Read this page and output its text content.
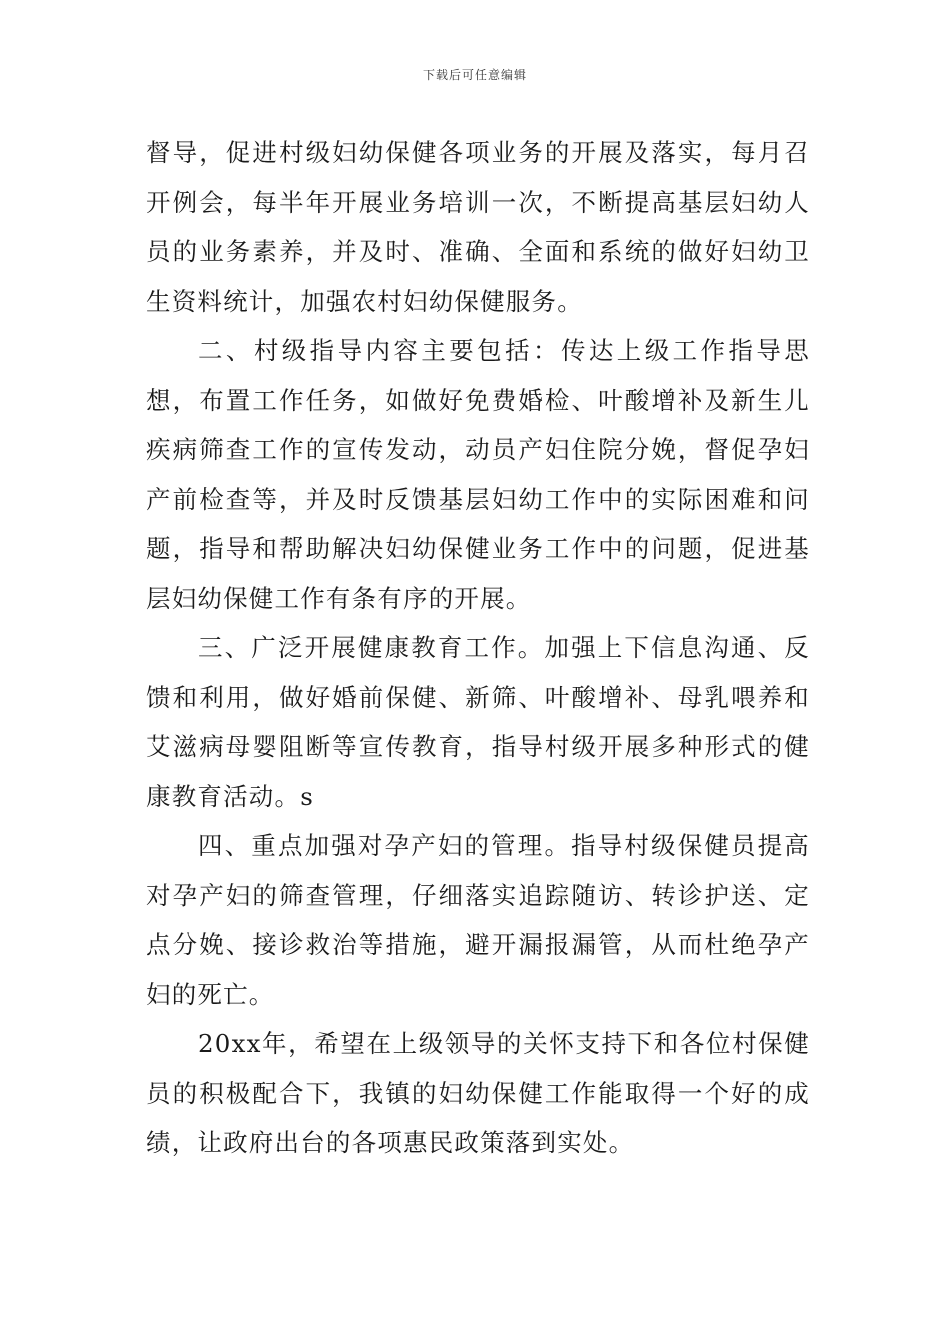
下载后可任意编辑

督导，促进村级妇幼保健各项业务的开展及落实，每月召开例会，每半年开展业务培训一次，不断提高基层妇幼人员的业务素养，并及时、准确、全面和系统的做好妇幼卫生资料统计，加强农村妇幼保健服务。

二、村级指导内容主要包括：传达上级工作指导思想，布置工作任务，如做好免费婚检、叶酸增补及新生儿疾病筛查工作的宣传发动，动员产妇住院分娩，督促孕妇产前检查等，并及时反馈基层妇幼工作中的实际困难和问题，指导和帮助解决妇幼保健业务工作中的问题，促进基层妇幼保健工作有条有序的开展。

三、广泛开展健康教育工作。加强上下信息沟通、反馈和利用，做好婚前保健、新筛、叶酸增补、母乳喂养和艾滋病母婴阻断等宣传教育，指导村级开展多种形式的健康教育活动。s

四、重点加强对孕产妇的管理。指导村级保健员提高对孕产妇的筛查管理，仔细落实追踪随访、转诊护送、定点分娩、接诊救治等措施，避开漏报漏管，从而杜绝孕产妇的死亡。

20xx年，希望在上级领导的关怀支持下和各位村保健员的积极配合下，我镇的妇幼保健工作能取得一个好的成绩，让政府出台的各项惠民政策落到实处。
